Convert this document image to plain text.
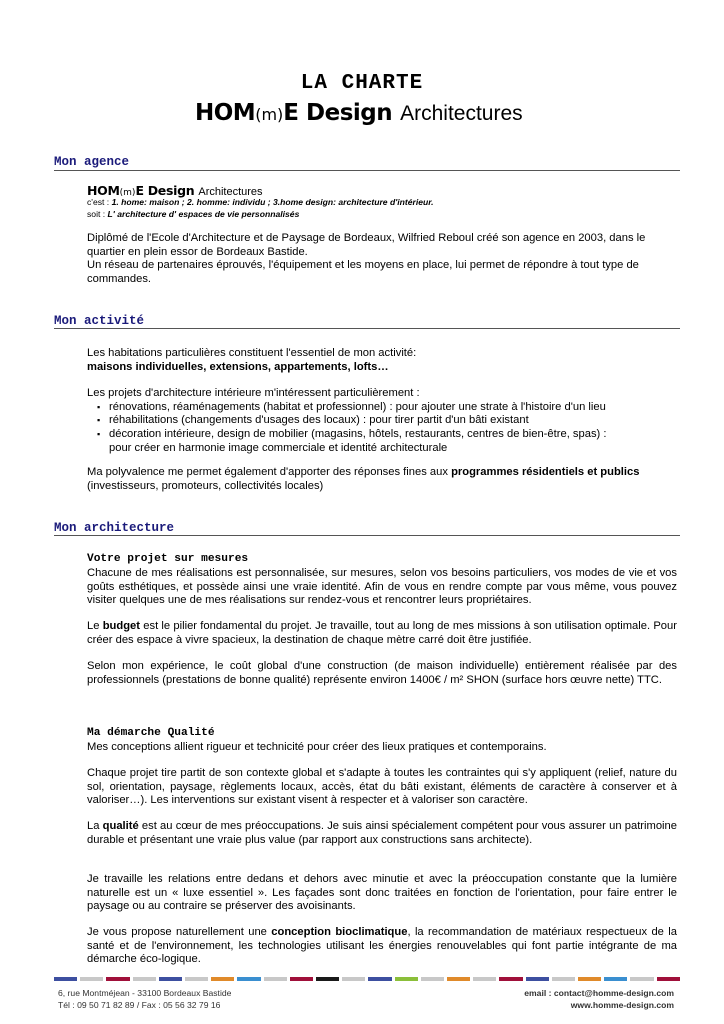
LA CHARTE
HOM(m)E Design Architectures
Mon agence
HOM(m)E Design Architectures
c'est : 1. home: maison ; 2. homme: individu ; 3.home design: architecture d'intérieur.
soit : L' architecture d' espaces de vie personnalisés
Diplômé de l'Ecole d'Architecture et de Paysage de Bordeaux, Wilfried Reboul créé son agence en 2003, dans le quartier en plein essor de Bordeaux Bastide.
Un réseau de partenaires éprouvés, l'équipement et les moyens en place, lui permet de répondre à tout type de commandes.
Mon activité
Les habitations particulières constituent l'essentiel de mon activité:
maisons individuelles, extensions, appartements, lofts…
Les projets d'architecture intérieure m'intéressent particulièrement :
▪ rénovations, réaménagements (habitat et professionnel) : pour ajouter une strate à l'histoire d'un lieu
▪ réhabilitations (changements d'usages des locaux) : pour tirer partit d'un bâti existant
▪ décoration intérieure, design de mobilier (magasins, hôtels, restaurants, centres de bien-être, spas) :
pour créer en harmonie image commerciale et identité architecturale
Ma polyvalence me permet également d'apporter des réponses fines aux programmes résidentiels et publics
(investisseurs, promoteurs, collectivités locales)
Mon architecture
Votre projet sur mesures
Chacune de mes réalisations est personnalisée, sur mesures, selon vos besoins particuliers, vos modes de vie et vos goûts esthétiques, et possède ainsi une vraie identité. Afin de vous en rendre compte par vous même, vous pouvez visiter quelques une de mes réalisations sur rendez-vous et rencontrer leurs propriétaires.
Le budget est le pilier fondamental du projet. Je travaille, tout au long de mes missions à son utilisation optimale. Pour créer des espace à vivre spacieux, la destination de chaque mètre carré doit être justifiée.
Selon mon expérience, le coût global d'une construction (de maison individuelle) entièrement réalisée par des professionnels (prestations de bonne qualité) représente environ 1400€ / m² SHON (surface hors œuvre nette) TTC.
Ma démarche Qualité
Mes conceptions allient rigueur et technicité pour créer des lieux pratiques et contemporains.
Chaque projet tire partit de son contexte global et s'adapte à toutes les contraintes qui s'y appliquent (relief, nature du sol, orientation, paysage, règlements locaux, accès, état du bâti existant, éléments de caractère à conserver et à valoriser…). Les interventions sur existant visent à respecter et à valoriser son caractère.
La qualité est au cœur de mes préoccupations. Je suis ainsi spécialement compétent pour vous assurer un patrimoine durable et présentant une vraie plus value (par rapport aux constructions sans architecte).
Je travaille les relations entre dedans et dehors avec minutie et avec la préoccupation constante que la lumière naturelle est un « luxe essentiel ». Les façades sont donc traitées en fonction de l'orientation, pour faire entrer le paysage ou au contraire se préserver des avoisinants.
Je vous propose naturellement une conception bioclimatique, la recommandation de matériaux respectueux de la santé et de l'environnement, les technologies utilisant les énergies renouvelables qui font partie intégrante de ma démarche éco-logique.
6, rue Montméjean - 33100 Bordeaux Bastide
Tél : 09 50 71 82 89 / Fax : 05 56 32 79 16
email : contact@homme-design.com
www.homme-design.com
